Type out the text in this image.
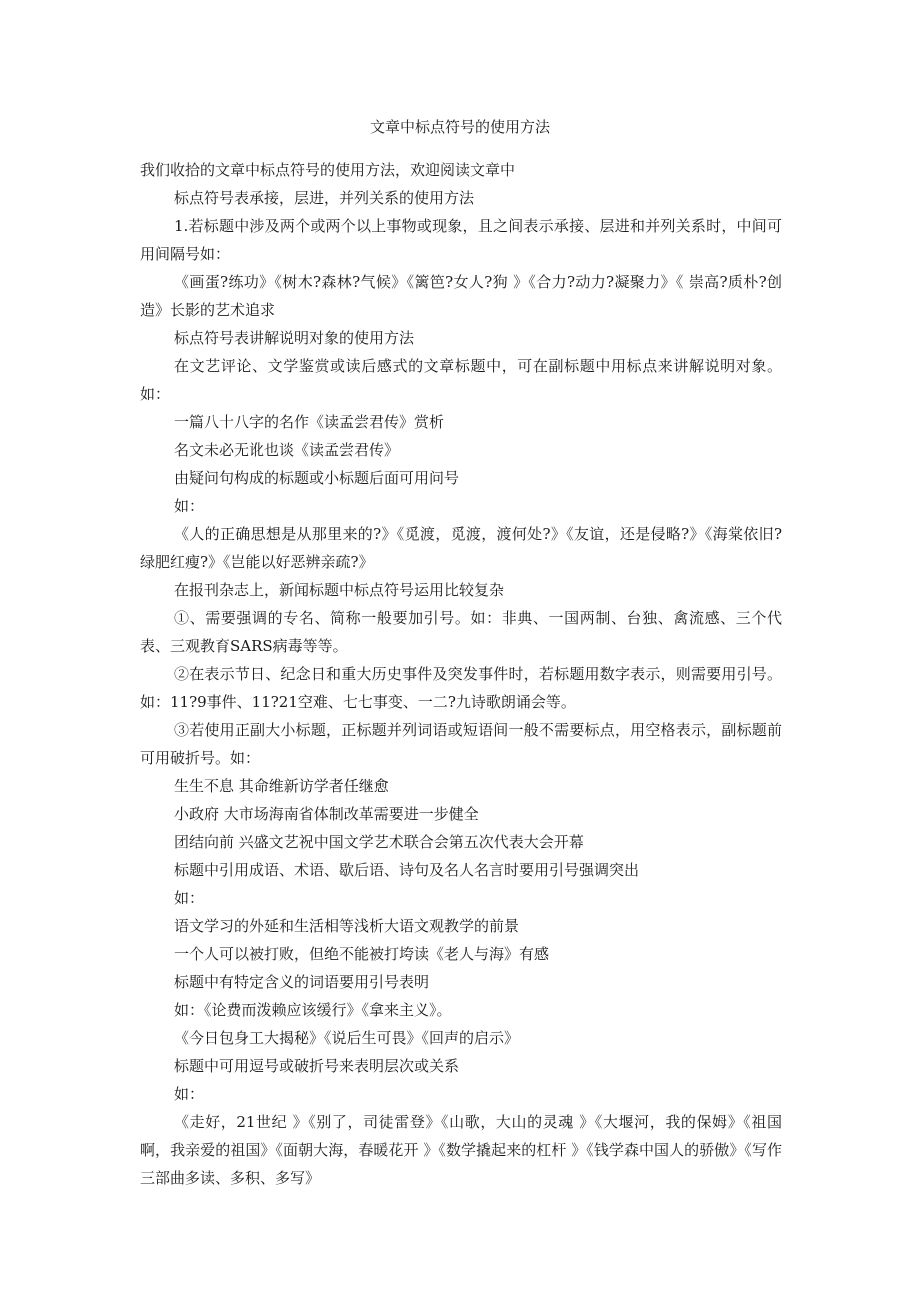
文章中标点符号的使用方法

我们收拾的文章中标点符号的使用方法，欢迎阅读文章中

标点符号表承接，层进，并列关系的使用方法

1.若标题中涉及两个或两个以上事物或现象，且之间表示承接、层进和并列关系时，中间可用间隔号如：

《画蛋?练功》《树木?森林?气候》《篱笆?女人?狗 》《合力?动力?凝聚力》《 崇高?质朴?创造》长影的艺术追求

标点符号表讲解说明对象的使用方法

在文艺评论、文学鉴赏或读后感式的文章标题中，可在副标题中用标点来讲解说明对象。如：

一篇八十八字的名作《读孟尝君传》赏析

名文未必无讹也谈《读孟尝君传》

由疑问句构成的标题或小标题后面可用问号

如：

《人的正确思想是从那里来的?》《觅渡，觅渡，渡何处?》《友谊，还是侵略?》《海棠依旧?绿肥红瘦?》《岂能以好恶辨亲疏?》

在报刊杂志上，新闻标题中标点符号运用比较复杂

①、需要强调的专名、简称一般要加引号。如：非典、一国两制、台独、禽流感、三个代表、三观教育SARS病毒等等。

②在表示节日、纪念日和重大历史事件及突发事件时，若标题用数字表示，则需要用引号。如：11?9事件、11?21空难、七七事变、一二?九诗歌朗诵会等。

③若使用正副大小标题，正标题并列词语或短语间一般不需要标点，用空格表示，副标题前可用破折号。如：

生生不息 其命维新访学者任继愈

小政府 大市场海南省体制改革需要进一步健全

团结向前 兴盛文艺祝中国文学艺术联合会第五次代表大会开幕

标题中引用成语、术语、歇后语、诗句及名人名言时要用引号强调突出

如：

语文学习的外延和生活相等浅析大语文观教学的前景

一个人可以被打败，但绝不能被打垮读《老人与海》有感

标题中有特定含义的词语要用引号表明

如：《论费而泼赖应该缓行》《拿来主义》。

《今日包身工大揭秘》《说后生可畏》《回声的启示》

标题中可用逗号或破折号来表明层次或关系

如：

《走好，21世纪 》《别了，司徒雷登》《山歌，大山的灵魂 》《大堰河，我的保姆》《祖国啊，我亲爱的祖国》《面朝大海，春暖花开 》《数学撬起来的杠杆 》《钱学森中国人的骄傲》《写作三部曲多读、多积、多写》
